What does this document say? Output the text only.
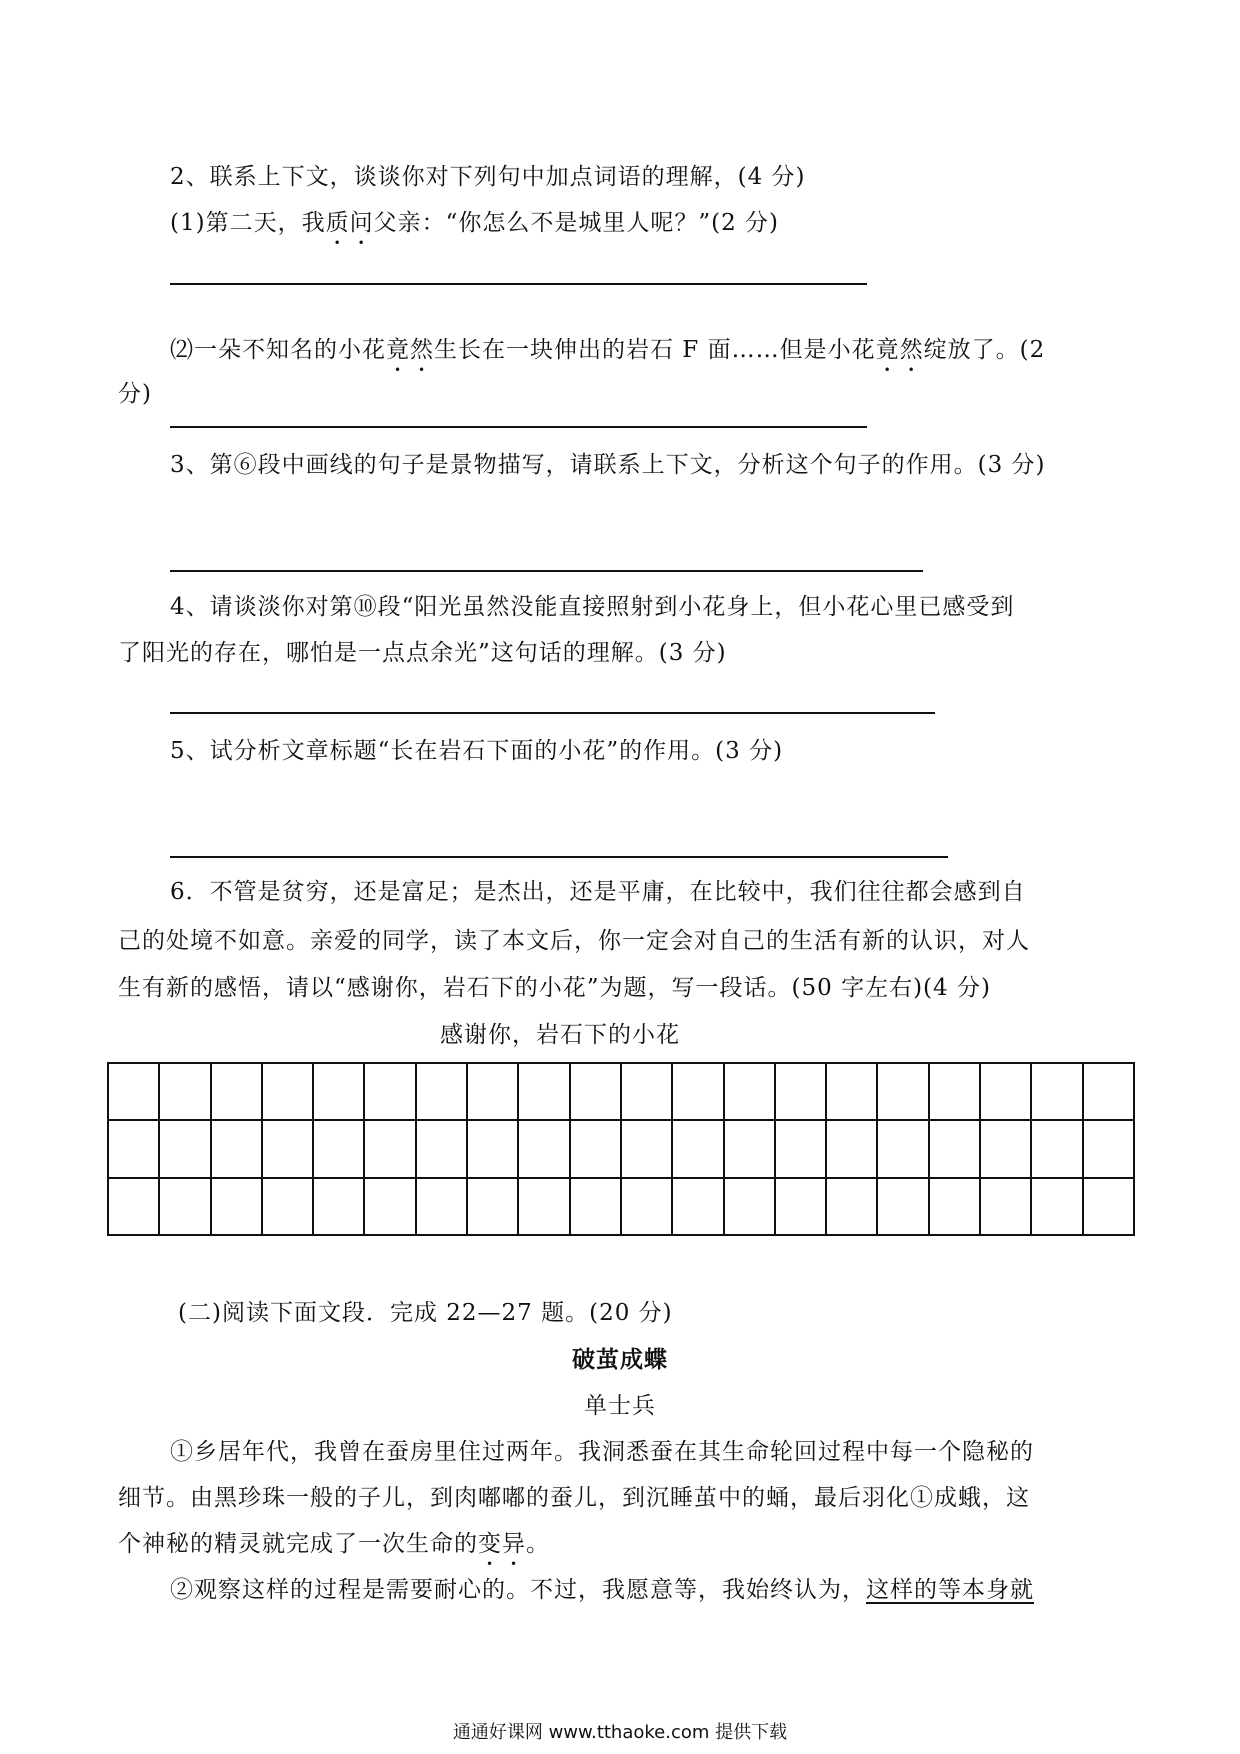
2、联系上下文，谈谈你对下列句中加点词语的理解，(4 分)
(1)第二天，我质问父亲：“你怎么不是城里人呢？”(2 分)
⑵一朵不知名的小花竟然生长在一块伸出的岩石 F 面……但是小花竟然绽放了。(2
分)
3、第⑥段中画线的句子是景物描写，请联系上下文，分析这个句子的作用。(3 分)
4、请谈淡你对第⑩段“阳光虽然没能直接照射到小花身上，但小花心里已感受到
了阳光的存在，哪怕是一点点余光”这句话的理解。(3 分)
5、试分析文章标题“长在岩石下面的小花”的作用。(3 分)
6．不管是贫穷，还是富足；是杰出，还是平庸，在比较中，我们往往都会感到自
己的处境不如意。亲爱的同学，读了本文后，你一定会对自己的生活有新的认识，对人
生有新的感悟，请以“感谢你，岩石下的小花”为题，写一段话。(50 字左右)(4 分)
感谢你，岩石下的小花

(二)阅读下面文段．完成 22—27 题。(20 分)
破茧成蝶
单士兵
①乡居年代，我曾在蚕房里住过两年。我洞悉蚕在其生命轮回过程中每一个隐秘的
细节。由黑珍珠一般的子儿，到肉嘟嘟的蚕儿，到沉睡茧中的蛹，最后羽化①成蛾，这
个神秘的精灵就完成了一次生命的变异。
②观察这样的过程是需要耐心的。不过，我愿意等，我始终认为，这样的等本身就
通通好课网 www.tthaoke.com 提供下载
